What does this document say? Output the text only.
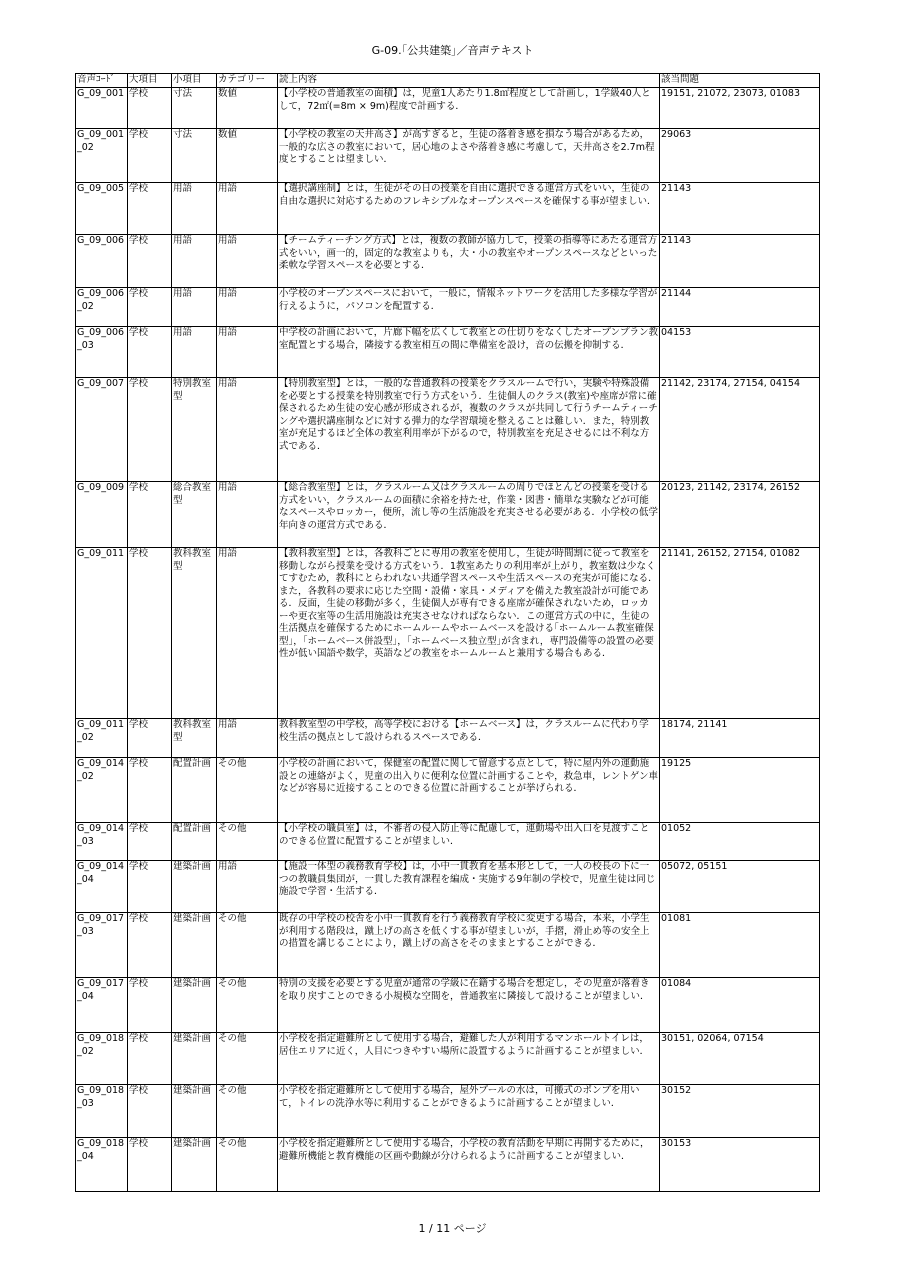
G-09.｢公共建築｣／音声テキスト
音声ｺｰﾄﾞ	大項目	小項目	カテゴリー	読上内容	該当問題
G_09_001	学校	寸法	数値	【小学校の普通教室の面積】は，児童1人あたり1.8㎡程度として計画し，1学級40人として，72㎡(=8m × 9m)程度で計画する．	19151, 21072, 23073, 01083
G_09_001_02	学校	寸法	数値	【小学校の教室の天井高さ】が高すぎると，生徒の落着き感を損なう場合があるため，一般的な広さの教室において，居心地のよさや落着き感に考慮して，天井高さを2.7m程度とすることは望ましい．	29063
G_09_005	学校	用語	用語	【選択講座制】とは，生徒がその日の授業を自由に選択できる運営方式をいい，生徒の自由な選択に対応するためのフレキシブルなオープンスペースを確保する事が望ましい．	21143
G_09_006	学校	用語	用語	【チームティーチング方式】とは，複数の教師が協力して，授業の指導等にあたる運営方式をいい，画一的，固定的な教室よりも，大・小の教室やオープンスペースなどといった柔軟な学習スペースを必要とする．	21143
G_09_006_02	学校	用語	用語	小学校のオープンスペースにおいて，一般に，情報ネットワークを活用した多様な学習が行えるように，パソコンを配置する．	21144
G_09_006_03	学校	用語	用語	中学校の計画において，片廊下幅を広くして教室との仕切りをなくしたオープンプラン教室配置とする場合，隣接する教室相互の間に準備室を設け，音の伝搬を抑制する．	04153
G_09_007	学校	特別教室型	用語	【特別教室型】とは，一般的な普通教科の授業をクラスルームで行い，実験や特殊設備を必要とする授業を特別教室で行う方式をいう．生徒個人のクラス(教室)や座席が常に確保されるため生徒の安心感が形成されるが，複数のクラスが共同して行うチームティーチングや選択講座制などに対する弾力的な学習環境を整えることは難しい．また，特別教室が充足するほど全体の教室利用率が下がるので，特別教室を充足させるには不利な方式である．	21142, 23174, 27154, 04154
G_09_009	学校	総合教室型	用語	【総合教室型】とは，クラスルーム又はクラスルームの周りでほとんどの授業を受ける方式をいい，クラスルームの面積に余裕を持たせ，作業・図書・簡単な実験などが可能なスペースやロッカー，便所，流し等の生活施設を充実させる必要がある．小学校の低学年向きの運営方式である．	20123, 21142, 23174, 26152
G_09_011	学校	教科教室型	用語	【教科教室型】とは，各教科ごとに専用の教室を使用し，生徒が時間割に従って教室を移動しながら授業を受ける方式をいう．1教室あたりの利用率が上がり，教室数は少なくてすむため，教科にとらわれない共通学習スペースや生活スペースの充実が可能になる．また，各教科の要求に応じた空間・設備・家具・メディアを備えた教室設計が可能である．反面，生徒の移動が多く，生徒個人が専有できる座席が確保されないため，ロッカーや更衣室等の生活用施設は充実させなければならない．この運営方式の中に，生徒の生活拠点を確保するためにホームルームやホームベースを設ける｢ホームルーム教室確保型｣，｢ホームベース併設型｣，｢ホームベース独立型｣が含まれ，専門設備等の設置の必要性が低い国語や数学，英語などの教室をホームルームと兼用する場合もある．	21141, 26152, 27154, 01082
G_09_011_02	学校	教科教室型	用語	教科教室型の中学校，高等学校における【ホームベース】は，クラスルームに代わり学校生活の拠点として設けられるスペースである．	18174, 21141
G_09_014_02	学校	配置計画	その他	小学校の計画において，保健室の配置に関して留意する点として，特に屋内外の運動施設との連絡がよく，児童の出入りに便利な位置に計画することや，救急車，レントゲン車などが容易に近接することのできる位置に計画することが挙げられる．	19125
G_09_014_03	学校	配置計画	その他	【小学校の職員室】は，不審者の侵入防止等に配慮して，運動場や出入口を見渡すことのできる位置に配置することが望ましい．	01052
G_09_014_04	学校	建築計画	用語	【施設一体型の義務教育学校】は，小中一貫教育を基本形として，一人の校長の下に一つの教職員集団が，一貫した教育課程を編成・実施する9年制の学校で，児童生徒は同じ施設で学習・生活する．	05072, 05151
G_09_017_03	学校	建築計画	その他	既存の中学校の校舎を小中一貫教育を行う義務教育学校に変更する場合，本来，小学生が利用する階段は，蹴上げの高さを低くする事が望ましいが，手摺，滑止め等の安全上の措置を講じることにより，蹴上げの高さをそのままとすることができる．	01081
G_09_017_04	学校	建築計画	その他	特別の支援を必要とする児童が通常の学級に在籍する場合を想定し，その児童が落着きを取り戻すことのできる小規模な空間を，普通教室に隣接して設けることが望ましい．	01084
G_09_018_02	学校	建築計画	その他	小学校を指定避難所として使用する場合，避難した人が利用するマンホールトイレは，居住エリアに近く，人目につきやすい場所に設置するように計画することが望ましい．	30151, 02064, 07154
G_09_018_03	学校	建築計画	その他	小学校を指定避難所として使用する場合，屋外プールの水は，可搬式のポンプを用いて，トイレの洗浄水等に利用することができるように計画することが望ましい．	30152
G_09_018_04	学校	建築計画	その他	小学校を指定避難所として使用する場合，小学校の教育活動を早期に再開するために，避難所機能と教育機能の区画や動線が分けられるように計画することが望ましい．	30153
1 / 11 ページ
